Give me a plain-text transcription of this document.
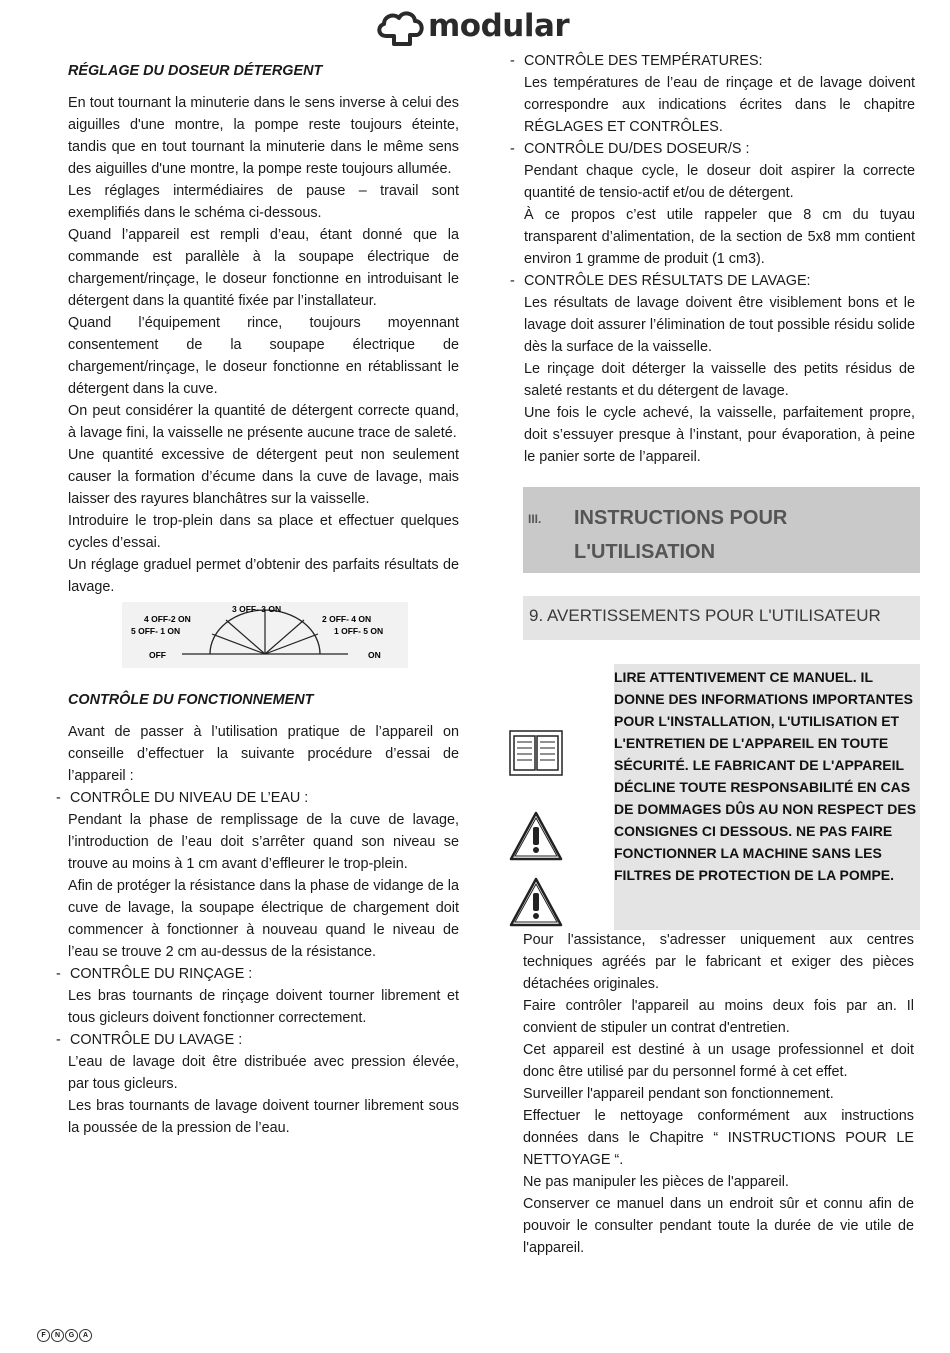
modular

RÉGLAGE DU DOSEUR DÉTERGENT

En tout tournant la minuterie dans le sens inverse à celui des aiguilles d'une montre, la pompe reste toujours éteinte, tandis que en tout tournant la minuterie dans le même sens des aiguilles d'une montre, la pompe reste toujours allumée.

Les réglages intermédiaires de pause – travail sont exemplifiés dans le schéma ci-dessous.

Quand l’appareil est rempli d’eau, étant donné que la commande est parallèle à la soupape électrique de chargement/rinçage, le doseur fonctionne en introduisant le détergent dans la quantité fixée par l’installateur.

Quand l’équipement rince, toujours moyennant consentement de la soupape électrique de chargement/rinçage, le doseur fonctionne en rétablissant le détergent dans la cuve.

On peut considérer la quantité de détergent correcte quand, à lavage fini, la vaisselle ne présente aucune trace de saleté.

Une quantité excessive de détergent peut non seulement causer la formation d’écume dans la cuve de lavage, mais laisser des rayures blanchâtres sur la vaisselle.

Introduire le trop-plein dans sa place et effectuer quelques cycles d’essai.

Un réglage graduel permet d’obtenir des parfaits résultats de lavage.

3 OFF- 3 ON
4 OFF-2 ON
5 OFF- 1 ON
2 OFF- 4 ON
1 OFF- 5 ON
OFF	ON

CONTRÔLE DU FONCTIONNEMENT

Avant de passer à l’utilisation pratique de l’appareil on conseille d’effectuer la suivante procédure d’essai de l’appareil :

- CONTRÔLE DU NIVEAU DE L’EAU :

Pendant la phase de remplissage de la cuve de lavage, l’introduction de l’eau doit s’arrêter quand son niveau se trouve au moins à 1 cm avant d’effleurer le trop-plein.

Afin de protéger la résistance dans la phase de vidange de la cuve de lavage, la soupape électrique de chargement doit commencer à fonctionner à nouveau quand le niveau de l’eau se trouve 2 cm au-dessus de la résistance.

- CONTRÔLE DU RINÇAGE :

Les bras tournants de rinçage doivent tourner librement et tous gicleurs doivent fonctionner correctement.

- CONTRÔLE DU LAVAGE :

L’eau de lavage doit être distribuée avec pression élevée, par tous gicleurs.

Les bras tournants de lavage doivent tourner librement sous la poussée de la pression de l’eau.

- CONTRÔLE DES TEMPÉRATURES:

Les températures de l’eau de rinçage et de lavage doivent correspondre aux indications écrites dans le chapitre RÉGLAGES ET CONTRÔLES.

- CONTRÔLE DU/DES DOSEUR/S :

Pendant chaque cycle, le doseur doit aspirer la correcte quantité de tensio-actif et/ou de détergent.

À ce propos c’est utile rappeler que 8 cm du tuyau transparent d’alimentation, de la section de 5x8 mm contient environ 1 gramme de produit (1 cm3).

- CONTRÔLE DES RÉSULTATS DE LAVAGE:

Les résultats de lavage doivent être visiblement bons et le lavage doit assurer l’élimination de tout possible résidu solide dès la surface de la vaisselle.

Le rinçage doit déterger la vaisselle des petits résidus de saleté restants et du détergent de lavage.

Une fois le cycle achevé, la vaisselle, parfaitement propre, doit s’essuyer presque à l’instant, pour évaporation, à peine le panier sorte de l’appareil.

III. INSTRUCTIONS POUR
L'UTILISATION
9. AVERTISSEMENTS POUR L'UTILISATEUR
LIRE ATTENTIVEMENT CE MANUEL. IL DONNE DES INFORMATIONS IMPORTANTES POUR L'INSTALLATION, L'UTILISATION ET L'ENTRETIEN DE L'APPAREIL EN TOUTE SÉCURITÉ. LE FABRICANT DE L'APPAREIL DÉCLINE TOUTE RESPONSABILITÉ EN CAS DE DOMMAGES DÛS AU NON RESPECT DES CONSIGNES CI DESSOUS. NE PAS FAIRE FONCTIONNER LA MACHINE SANS LES FILTRES DE PROTECTION DE LA POMPE.

Pour l'assistance, s'adresser uniquement aux centres techniques agréés par le fabricant et exiger des pièces détachées originales.

Faire contrôler l'appareil au moins deux fois par an. Il convient de stipuler un contrat d'entretien.

Cet appareil est destiné à un usage professionnel et doit donc être utilisé par du personnel formé à cet effet.

Surveiller l'appareil pendant son fonctionnement.

Effectuer le nettoyage conformément aux instructions données dans le Chapitre “ INSTRUCTIONS POUR LE NETTOYAGE “.

Ne pas manipuler les pièces de l'appareil.

Conserver ce manuel dans un endroit sûr et connu afin de pouvoir le consulter pendant toute la durée de vie utile de l'appareil.

F	N	G	A
